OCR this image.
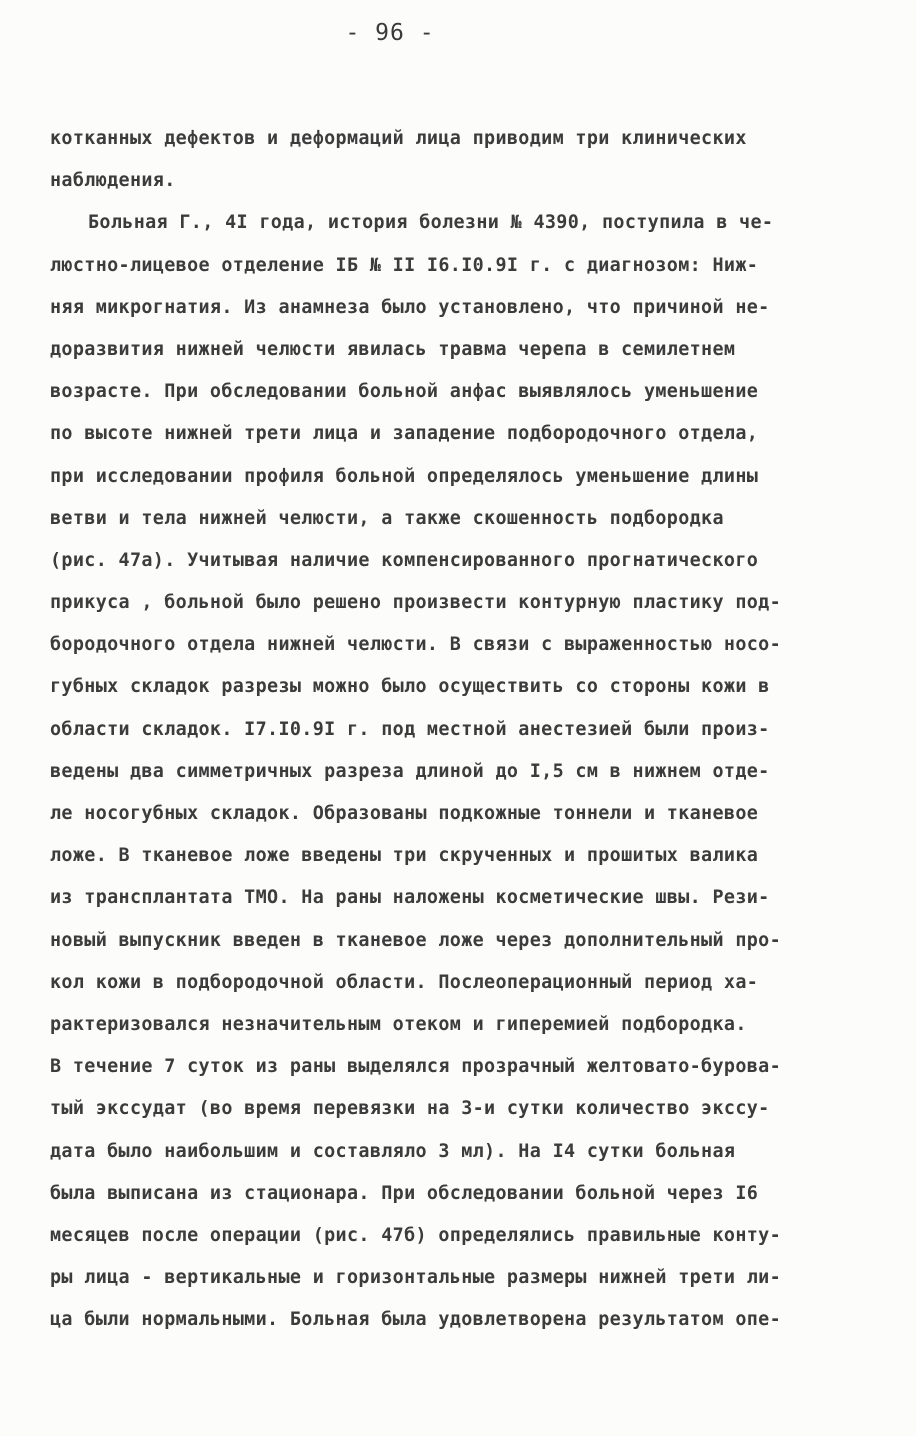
- 96 -
котканных дефектов и деформаций лица приводим три клинических
наблюдения.
Больная Г., 4I года, история болезни № 4390, поступила в че-
люстно-лицевое отделение ІБ № II I6.I0.9I г. с диагнозом: Ниж-
няя микрогнатия. Из анамнеза было установлено, что причиной не-
доразвития нижней челюсти явилась травма черепа в семилетнем
возрасте. При обследовании больной анфас выявлялось уменьшение
по высоте нижней трети лица и западение подбородочного отдела,
при исследовании профиля больной определялось уменьшение длины
ветви и тела нижней челюсти, а также скошенность подбородка
(рис. 47а). Учитывая наличие компенсированного прогнатического
прикуса , больной было решено произвести контурную пластику под-
бородочного отдела нижней челюсти. В связи с выраженностью носо-
губных складок разрезы можно было осуществить со стороны кожи в
области складок. I7.I0.9I г. под местной анестезией были произ-
ведены два симметричных разреза длиной до I,5 см в нижнем отде-
ле носогубных складок. Образованы подкожные тоннели и тканевое
ложе. В тканевое ложе введены три скрученных и прошитых валика
из трансплантата ТМО. На раны наложены косметические швы. Рези-
новый выпускник введен в тканевое ложе через дополнительный про-
кол кожи в подбородочной области. Послеоперационный период ха-
рактеризовался незначительным отеком и гиперемией подбородка.
В течение 7 суток из раны выделялся прозрачный желтовато-бурова-
тый экссудат (во время перевязки на 3-и сутки количество экссу-
дата было наибольшим и составляло 3 мл). На I4 сутки больная
была выписана из стационара. При обследовании больной через I6
месяцев после операции (рис. 47б) определялись правильные конту-
ры лица - вертикальные и горизонтальные размеры нижней трети ли-
ца были нормальными. Больная была удовлетворена результатом опе-
